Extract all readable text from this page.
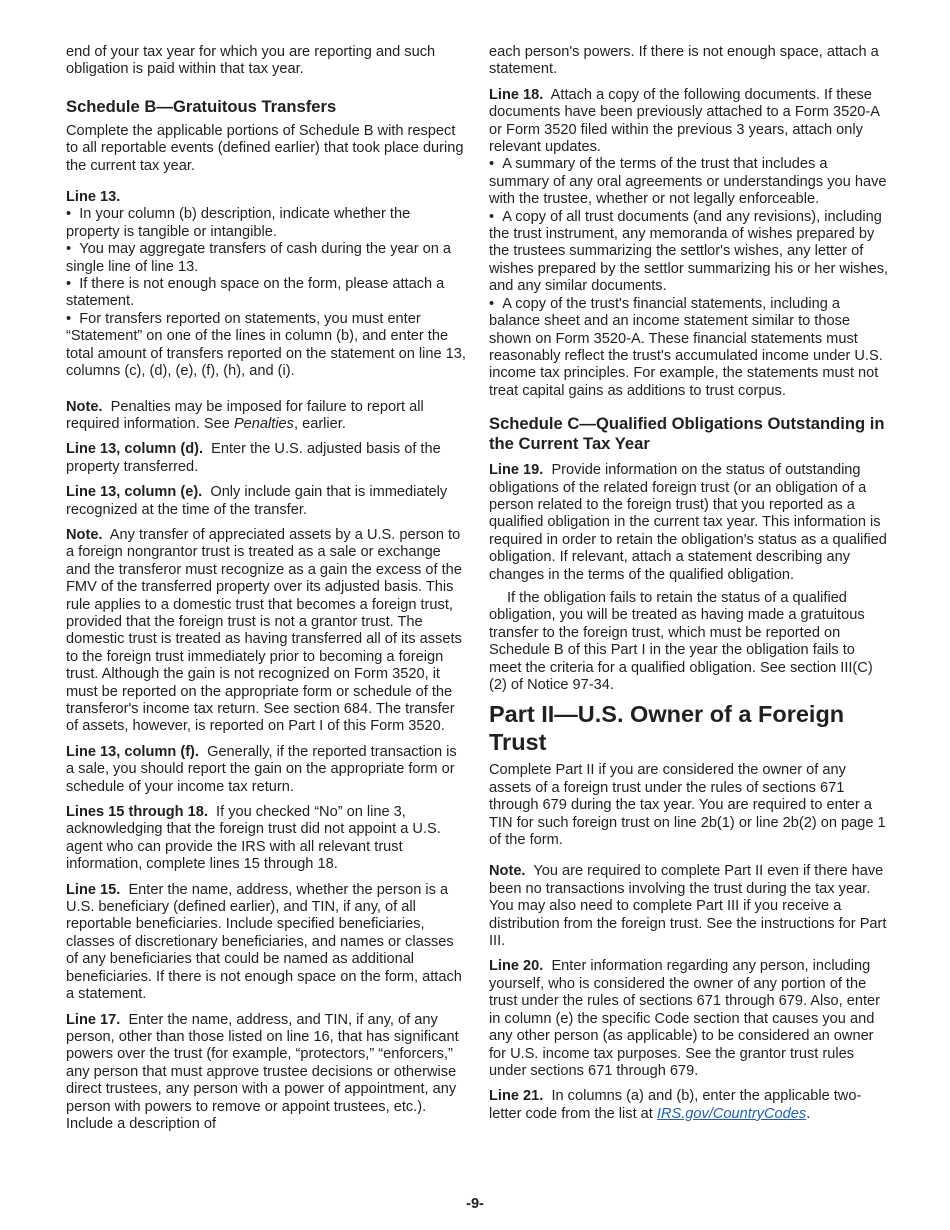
end of your tax year for which you are reporting and such obligation is paid within that tax year.

Schedule B—Gratuitous Transfers

Complete the applicable portions of Schedule B with respect to all reportable events (defined earlier) that took place during the current tax year.

Line 13.

•  In your column (b) description, indicate whether the property is tangible or intangible.

•  You may aggregate transfers of cash during the year on a single line of line 13.

•  If there is not enough space on the form, please attach a statement.

•  For transfers reported on statements, you must enter “Statement” on one of the lines in column (b), and enter the total amount of transfers reported on the statement on line 13, columns (c), (d), (e), (f), (h), and (i).

Note. Penalties may be imposed for failure to report all required information. See Penalties, earlier.

Line 13, column (d). Enter the U.S. adjusted basis of the property transferred.

Line 13, column (e). Only include gain that is immediately recognized at the time of the transfer.

Note. Any transfer of appreciated assets by a U.S. person to a foreign nongrantor trust is treated as a sale or exchange and the transferor must recognize as a gain the excess of the FMV of the transferred property over its adjusted basis. This rule applies to a domestic trust that becomes a foreign trust, provided that the foreign trust is not a grantor trust. The domestic trust is treated as having transferred all of its assets to the foreign trust immediately prior to becoming a foreign trust. Although the gain is not recognized on Form 3520, it must be reported on the appropriate form or schedule of the transferor's income tax return. See section 684. The transfer of assets, however, is reported on Part I of this Form 3520.

Line 13, column (f). Generally, if the reported transaction is a sale, you should report the gain on the appropriate form or schedule of your income tax return.

Lines 15 through 18. If you checked “No” on line 3, acknowledging that the foreign trust did not appoint a U.S. agent who can provide the IRS with all relevant trust information, complete lines 15 through 18.

Line 15. Enter the name, address, whether the person is a U.S. beneficiary (defined earlier), and TIN, if any, of all reportable beneficiaries. Include specified beneficiaries, classes of discretionary beneficiaries, and names or classes of any beneficiaries that could be named as additional beneficiaries. If there is not enough space on the form, attach a statement.

Line 17. Enter the name, address, and TIN, if any, of any person, other than those listed on line 16, that has significant powers over the trust (for example, “protectors,” “enforcers,” any person that must approve trustee decisions or otherwise direct trustees, any person with a power of appointment, any person with powers to remove or appoint trustees, etc.). Include a description of

each person's powers. If there is not enough space, attach a statement.

Line 18. Attach a copy of the following documents. If these documents have been previously attached to a Form 3520-A or Form 3520 filed within the previous 3 years, attach only relevant updates.

•  A summary of the terms of the trust that includes a summary of any oral agreements or understandings you have with the trustee, whether or not legally enforceable.

•  A copy of all trust documents (and any revisions), including the trust instrument, any memoranda of wishes prepared by the trustees summarizing the settlor's wishes, any letter of wishes prepared by the settlor summarizing his or her wishes, and any similar documents.

•  A copy of the trust's financial statements, including a balance sheet and an income statement similar to those shown on Form 3520-A. These financial statements must reasonably reflect the trust's accumulated income under U.S. income tax principles. For example, the statements must not treat capital gains as additions to trust corpus.

Schedule C—Qualified Obligations Outstanding in the Current Tax Year

Line 19. Provide information on the status of outstanding obligations of the related foreign trust (or an obligation of a person related to the foreign trust) that you reported as a qualified obligation in the current tax year. This information is required in order to retain the obligation's status as a qualified obligation. If relevant, attach a statement describing any changes in the terms of the qualified obligation.

If the obligation fails to retain the status of a qualified obligation, you will be treated as having made a gratuitous transfer to the foreign trust, which must be reported on Schedule B of this Part I in the year the obligation fails to meet the criteria for a qualified obligation. See section III(C)(2) of Notice 97-34.

Part II—U.S. Owner of a Foreign Trust

Complete Part II if you are considered the owner of any assets of a foreign trust under the rules of sections 671 through 679 during the tax year. You are required to enter a TIN for such foreign trust on line 2b(1) or line 2b(2) on page 1 of the form.

Note. You are required to complete Part II even if there have been no transactions involving the trust during the tax year. You may also need to complete Part III if you receive a distribution from the foreign trust. See the instructions for Part III.

Line 20. Enter information regarding any person, including yourself, who is considered the owner of any portion of the trust under the rules of sections 671 through 679. Also, enter in column (e) the specific Code section that causes you and any other person (as applicable) to be considered an owner for U.S. income tax purposes. See the grantor trust rules under sections 671 through 679.

Line 21. In columns (a) and (b), enter the applicable two-letter code from the list at IRS.gov/CountryCodes.

-9-
